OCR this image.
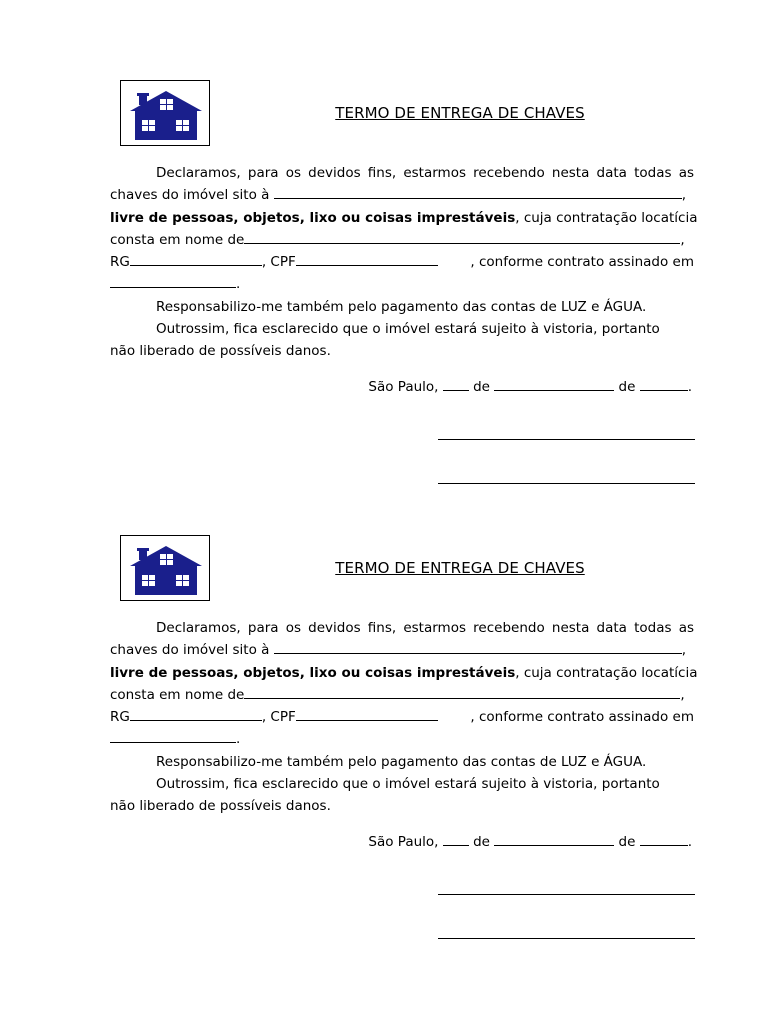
TERMO DE ENTREGA DE CHAVES
Declaramos, para os devidos fins, estarmos recebendo nesta data todas as
chaves do imóvel sito à
	,
livre de pessoas, objetos, lixo ou coisas imprestáveis , cuja contratação locatícia
consta em nome de	,
RG	, CPF	, conforme contrato assinado em
.
Responsabilizo-me também pelo pagamento das contas de LUZ e ÁGUA.
Outrossim, fica esclarecido que o imóvel estará sujeito à vistoria, portanto
não liberado de possíveis danos.
São Paulo,	de	de	.
TERMO DE ENTREGA DE CHAVES
Declaramos, para os devidos fins, estarmos recebendo nesta data todas as
chaves do imóvel sito à
	,
livre de pessoas, objetos, lixo ou coisas imprestáveis , cuja contratação locatícia
consta em nome de	,
RG	, CPF	, conforme contrato assinado em
.
Responsabilizo-me também pelo pagamento das contas de LUZ e ÁGUA.
Outrossim, fica esclarecido que o imóvel estará sujeito à vistoria, portanto
não liberado de possíveis danos.
São Paulo,	de	de	.
